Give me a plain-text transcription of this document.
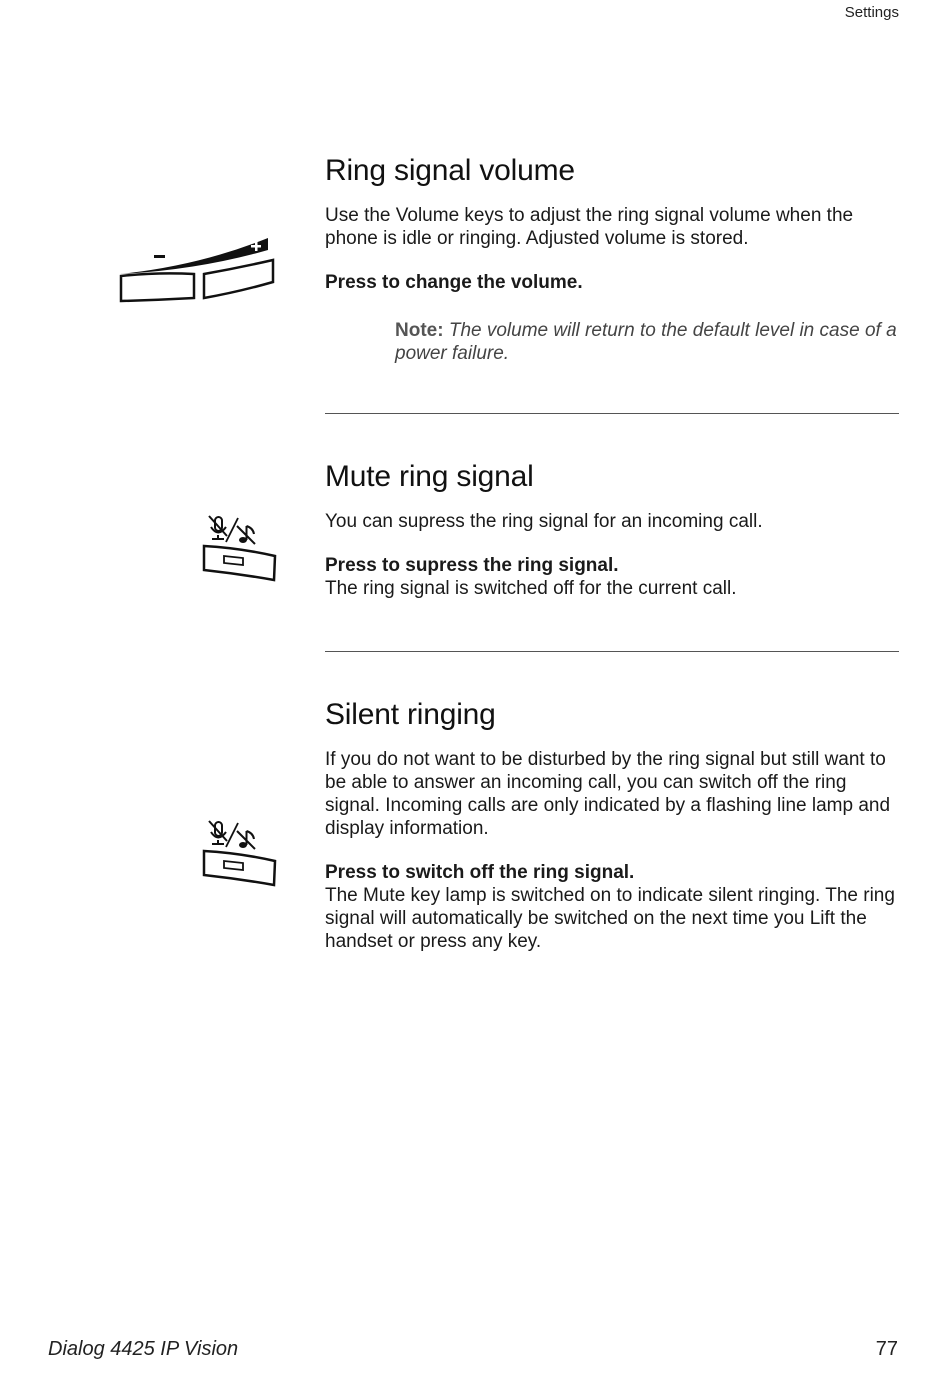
Settings
Ring signal volume

Use the Volume keys to adjust the ring signal volume when the phone is idle or ringing. Adjusted volume is stored.

Press to change the volume.

Note: The volume will return to the default level in case of a power failure.
Mute ring signal

You can supress the ring signal for an incoming call.

Press to supress the ring signal.

The ring signal is switched off for the current call.

Silent ringing

If you do not want to be disturbed by the ring signal but still want to be able to answer an incoming call, you can switch off the ring signal. Incoming calls are only indicated by a flashing line lamp and display information.

Press to switch off the ring signal.

The Mute key lamp is switched on to indicate silent ringing. The ring signal will automatically be switched on the next time you Lift the handset or press any key.

Dialog 4425 IP Vision	77
